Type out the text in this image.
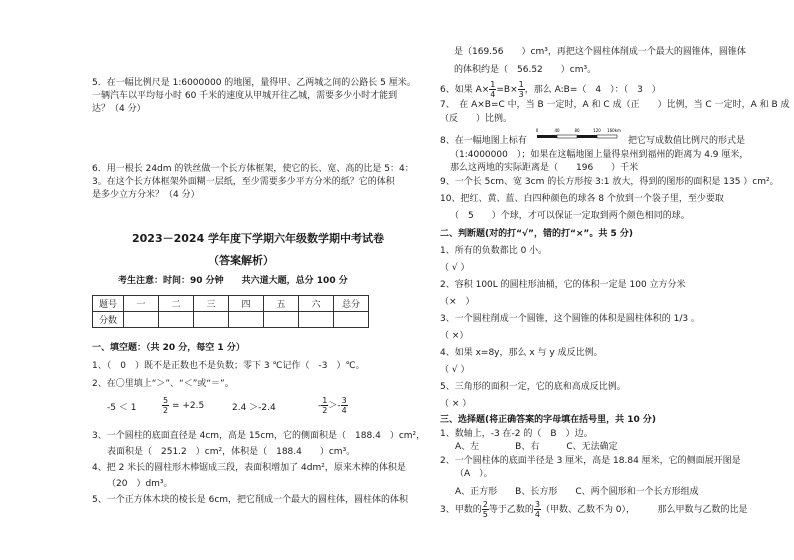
5．在一幅比例尺是 1:6000000 的地图，量得甲、乙两城之间的公路长 5 厘米。
一辆汽车以平均每小时 60 千米的速度从甲城开往乙城，需要多少小时才能到
达？（4 分）
6．用一根长 24dm 的铁丝做一个长方体框架，使它的长、宽、高的比是 5：4：
3。在这个长方体框架外面糊一层纸，至少需要多少平方分米的纸？它的体积
是多少立方分米？（4 分）
2023－2024 学年度下学期六年级数学期中考试卷
（答案解析）
考生注意：时间：90 分钟　　共六道大题，总分 100 分
题号	一	二	三	四	五	六	总分
分数							
一、填空题：（共 20 分，每空 1 分）
1、（　0　）既不是正数也不是负数；零下 3 ℃记作（　-3　）℃。
2、在〇里填上“＞”、“＜”或“＝”。
-5 ＜ 1	$\frac{5}{2} = +2.5$	2.4 ＞-2.4	- $\frac{1}{2} >- \frac{3}{4}$
3、一个圆柱的底面直径是 4cm，高是 15cm，它的侧面积是（　188.4　）cm²，
表面积是（　251.2　）cm²，体积是（　188.4　　）cm³。
4、把 2 米长的圆柱形木棒锯成三段，表面积增加了 4dm²，原来木棒的体积是
（20　）dm³。
5、一个正方体木块的棱长是 6cm，把它削成一个最大的圆柱体，圆柱体的体积
是（169.56　　）cm³，再把这个圆柱体削成一个最大的圆锥体，圆锥体
的体积约是（　56.52　　）cm³。
6、如果 $A\times \frac{1}{4} =B\times \frac{1}{3}$ ，那么 A:B=（　4　）：（　3　）
7、　在 A×B=C 中，当 B 一定时，A 和 C 成（正　　）比例，当 C 一定时，A 和 B 成
（反　　）比例。
8、在一幅地图上标有
0	40	80	120 160km
把它写成数值比例尺的形式是
（1:4000000　）；如果在这幅地图上量得泉州到福州的距离为 4.9 厘米，
那么这两地的实际距离是（　　196　　）千米
9、一个长 5cm、宽 3cm 的长方形按 3:1 放大，得到的图形的面积是 135 ）cm²。
10、把红、黄、蓝、白四种颜色的球各 8 个放到一个袋子里，至少要取
（　5　　）个球，才可以保证一定取到两个颜色相同的球。
二、判断题(对的打“√”，错的打“×”。共 5 分)
1、所有的负数都比 0 小。
（ √ ）
2、容积 100L 的圆柱形油桶，它的体积一定是 100 立方分米
（×　）
3、一个圆柱削成一个圆锥，这个圆锥的体积是圆柱体积的 1/3 。
（ ×）
4、如果 x=8y，那么 x 与 y 成反比例。
（ √ ）
5、三角形的面积一定，它的底和高成反比例。
（ × ）
三、选择题(将正确答案的字母填在括号里，共 10 分)
1、数轴上，-3 在-2 的（　B　）边。
A、左　　　　B、右　　　C、无法确定
2、一个圆柱体的底面半径是 3 厘米，高是 18.84 厘米，它的侧面展开图是
（A　）。
A、正方形　　B、长方形　　C、两个圆形和一个长方形组成
3、甲数的 $\frac{2}{5}$ 等于乙数的 $\frac{3}{4}$ （甲数、乙数不为 0），　　　那么甲数与乙数的比是
